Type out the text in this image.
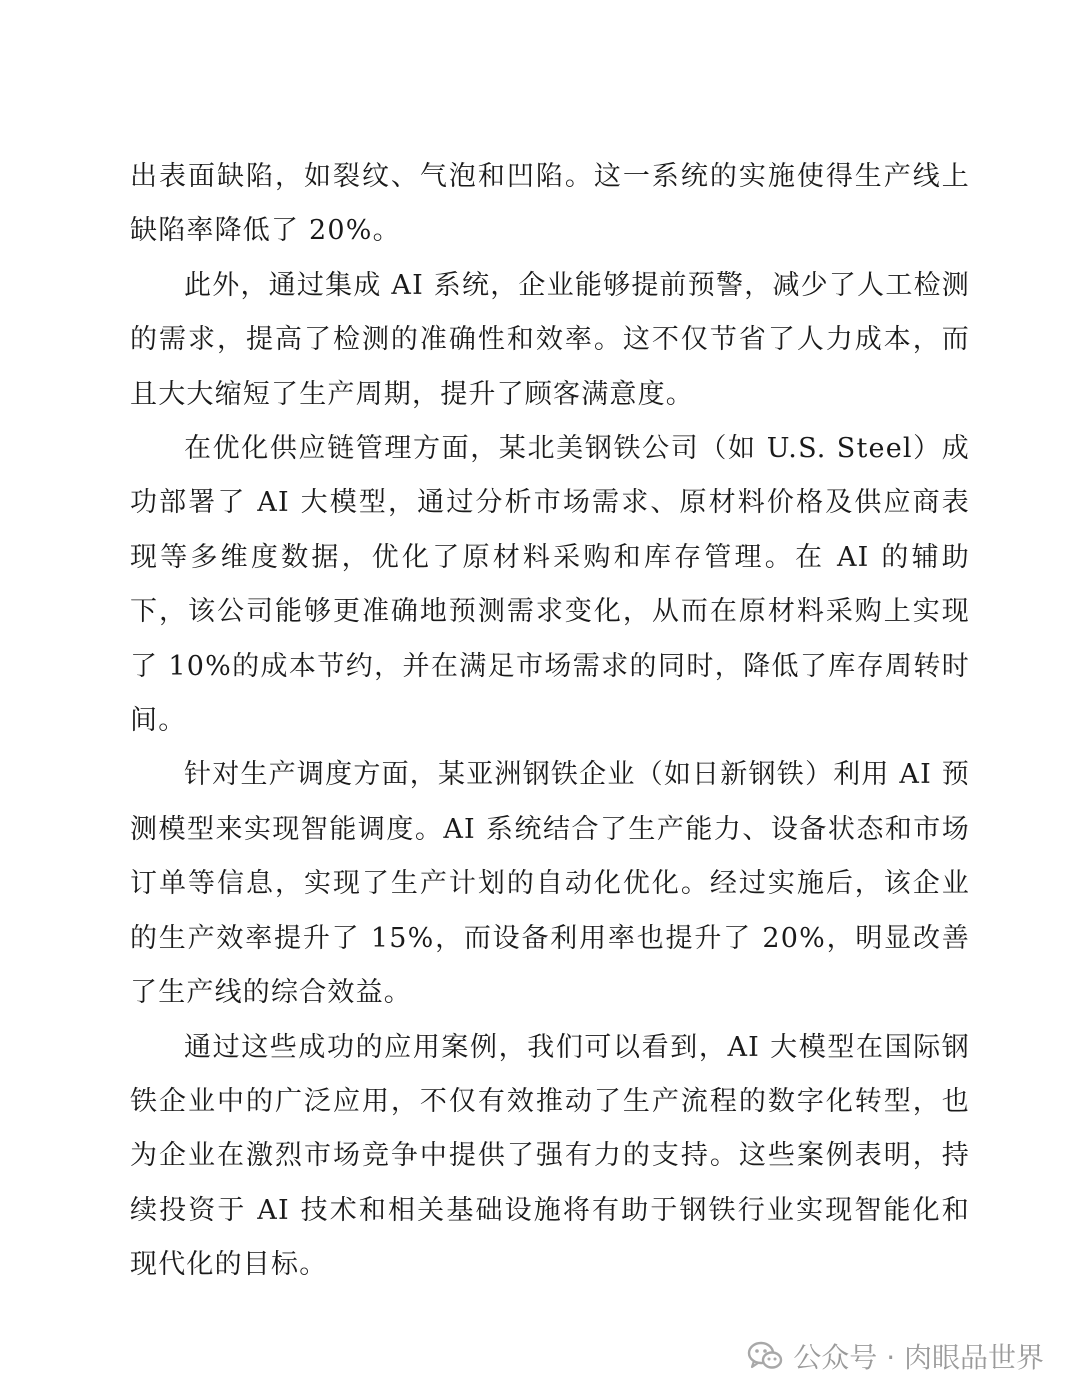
出表面缺陷，如裂纹、气泡和凹陷。这一系统的实施使得生产线上缺陷率降低了 20%。

此外，通过集成 AI 系统，企业能够提前预警，减少了人工检测的需求，提高了检测的准确性和效率。这不仅节省了人力成本，而且大大缩短了生产周期，提升了顾客满意度。

在优化供应链管理方面，某北美钢铁公司（如 U.S. Steel）成功部署了 AI 大模型，通过分析市场需求、原材料价格及供应商表现等多维度数据，优化了原材料采购和库存管理。在 AI 的辅助下，该公司能够更准确地预测需求变化，从而在原材料采购上实现了 10%的成本节约，并在满足市场需求的同时，降低了库存周转时间。

针对生产调度方面，某亚洲钢铁企业（如日新钢铁）利用 AI 预测模型来实现智能调度。AI 系统结合了生产能力、设备状态和市场订单等信息，实现了生产计划的自动化优化。经过实施后，该企业的生产效率提升了 15%，而设备利用率也提升了 20%，明显改善了生产线的综合效益。

通过这些成功的应用案例，我们可以看到，AI 大模型在国际钢铁企业中的广泛应用，不仅有效推动了生产流程的数字化转型，也为企业在激烈市场竞争中提供了强有力的支持。这些案例表明，持续投资于 AI 技术和相关基础设施将有助于钢铁行业实现智能化和现代化的目标。

公众号 · 肉眼品世界
